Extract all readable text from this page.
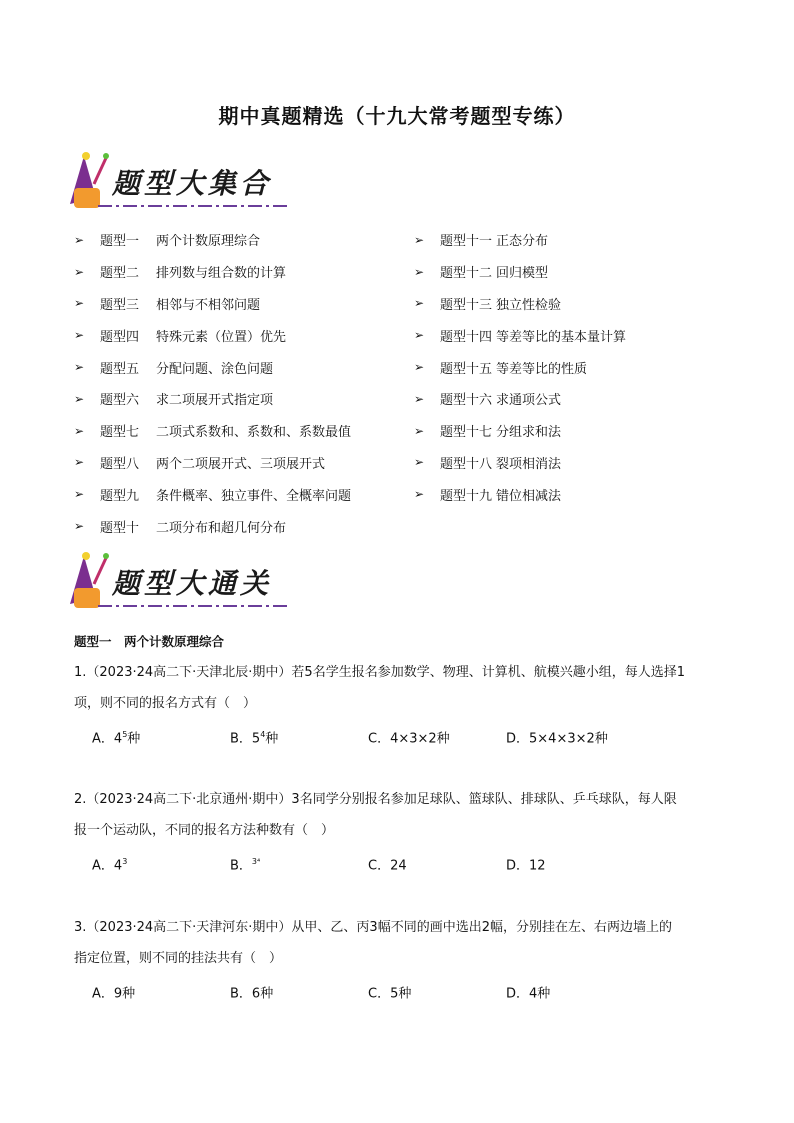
期中真题精选（十九大常考题型专练）
题型大集合
➢	题型一	两个计数原理综合
➢	题型二	排列数与组合数的计算
➢	题型三	相邻与不相邻问题
➢	题型四	特殊元素（位置）优先
➢	题型五	分配问题、涂色问题
➢	题型六	求二项展开式指定项
➢	题型七	二项式系数和、系数和、系数最值
➢	题型八	两个二项展开式、三项展开式
➢	题型九	条件概率、独立事件、全概率问题
➢	题型十	二项分布和超几何分布
➢	题型十一 正态分布
➢	题型十二 回归模型
➢	题型十三 独立性检验
➢	题型十四 等差等比的基本量计算
➢	题型十五 等差等比的性质
➢	题型十六 求通项公式
➢	题型十七 分组求和法
➢	题型十八 裂项相消法
➢	题型十九 错位相减法
题型大通关
题型一　两个计数原理综合
1.（2023·24高二下·天津北辰·期中）若5名学生报名参加数学、物理、计算机、航模兴趣小组，每人选择1
项，则不同的报名方式有（　）
A．$4^5$种	B．$5^4$种	C．4×3×2种	D．5×4×3×2种
2.（2023·24高二下·北京通州·期中）3名同学分别报名参加足球队、篮球队、排球队、乒乓球队，每人限
报一个运动队，不同的报名方法种数有（　）
A．$4^3$	B．$^{3^4}$	C．24	D．12
3.（2023·24高二下·天津河东·期中）从甲、乙、丙3幅不同的画中选出2幅，分别挂在左、右两边墙上的
指定位置，则不同的挂法共有（　）
A．9种	B．6种	C．5种	D．4种
